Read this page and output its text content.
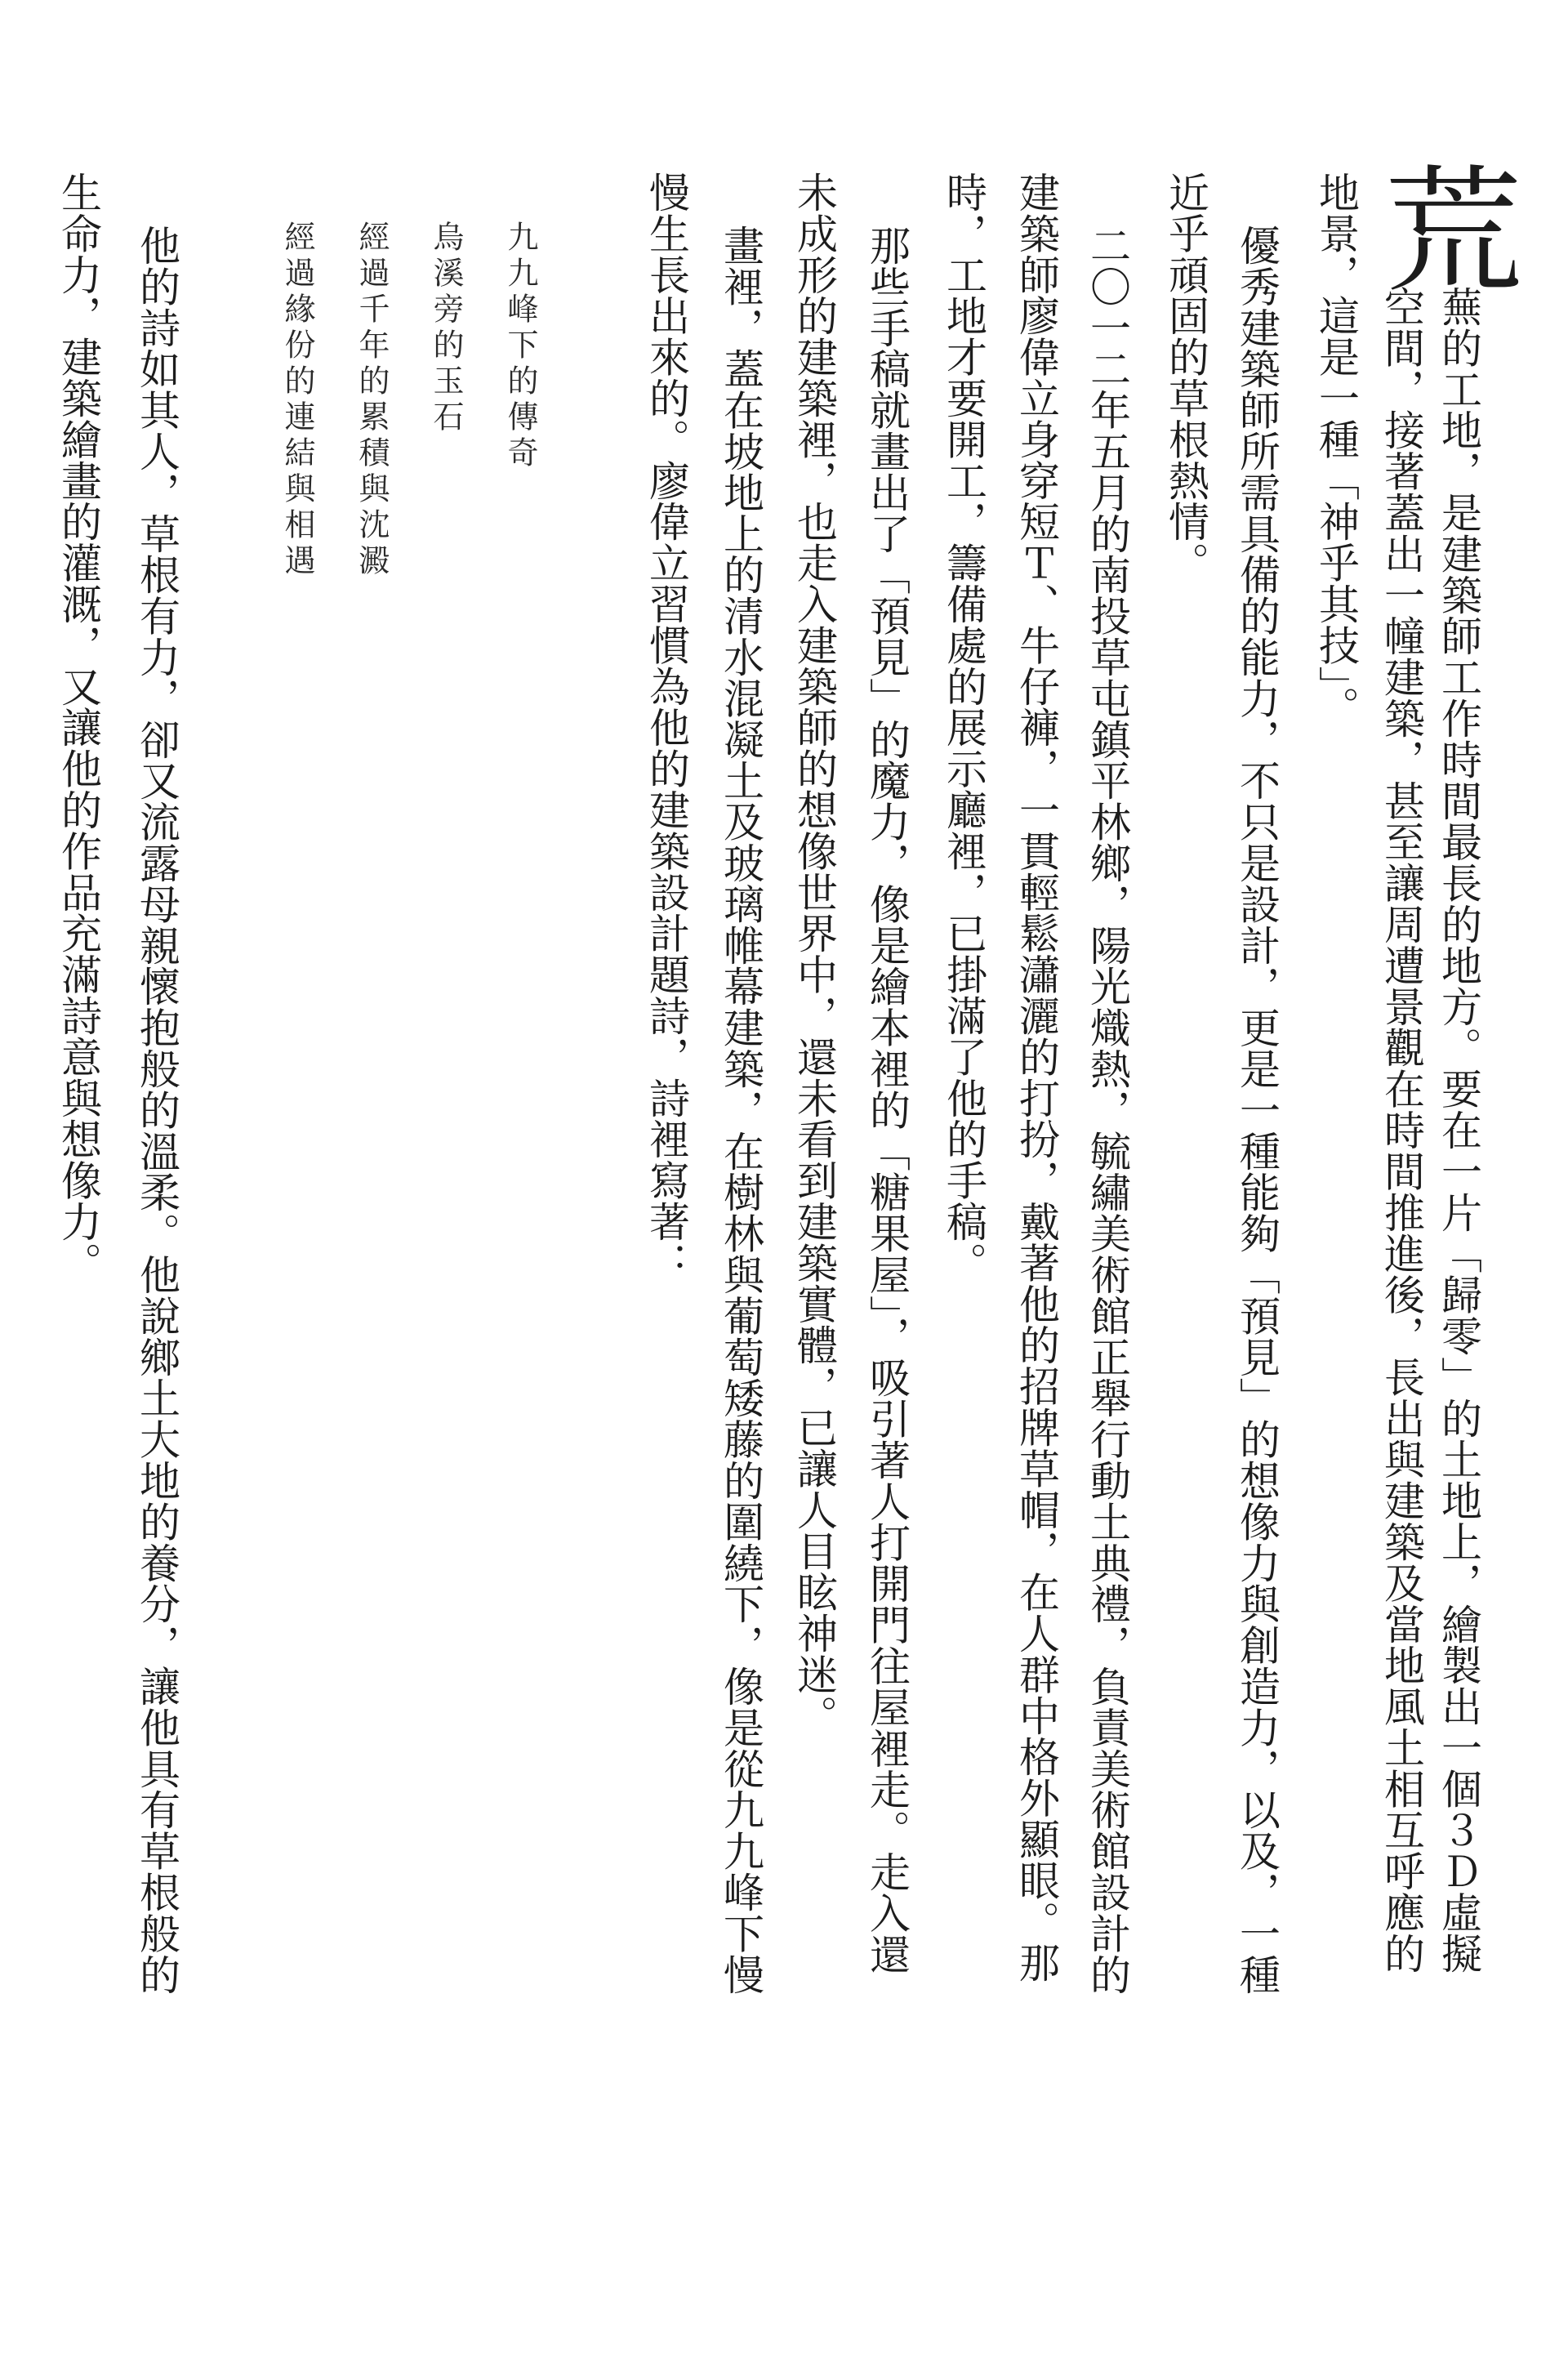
荒
蕪的工地，是建築師工作時間最長的地方。要在一片「歸零」的土地上，繪製出一個３Ｄ虛擬
空間，接著蓋出一幢建築，甚至讓周遭景觀在時間推進後，長出與建築及當地風土相互呼應的
地景，這是一種「神乎其技」。
優秀建築師所需具備的能力，不只是設計，更是一種能夠「預見」的想像力與創造力，以及，一種
近乎頑固的草根熱情。
二〇一二年五月的南投草屯鎮平林鄉，陽光熾熱，毓繡美術館正舉行動土典禮，負責美術館設計的
建築師廖偉立身穿短Ｔ、牛仔褲，一貫輕鬆瀟灑的打扮，戴著他的招牌草帽，在人群中格外顯眼。那
時，工地才要開工，籌備處的展示廳裡，已掛滿了他的手稿。
那些手稿就畫出了「預見」的魔力，像是繪本裡的「糖果屋」，吸引著人打開門往屋裡走。走入還
未成形的建築裡，也走入建築師的想像世界中，還未看到建築實體，已讓人目眩神迷。
畫裡，蓋在坡地上的清水混凝土及玻璃帷幕建築，在樹林與葡萄矮藤的圍繞下，像是從九九峰下慢
慢生長出來的。廖偉立習慣為他的建築設計題詩，詩裡寫著：
九九峰下的傳奇
烏溪旁的玉石
經過千年的累積與沈澱
經過緣份的連結與相遇
他的詩如其人，草根有力，卻又流露母親懷抱般的溫柔。他說鄉土大地的養分，讓他具有草根般的
生命力，建築繪畫的灌溉，又讓他的作品充滿詩意與想像力。
